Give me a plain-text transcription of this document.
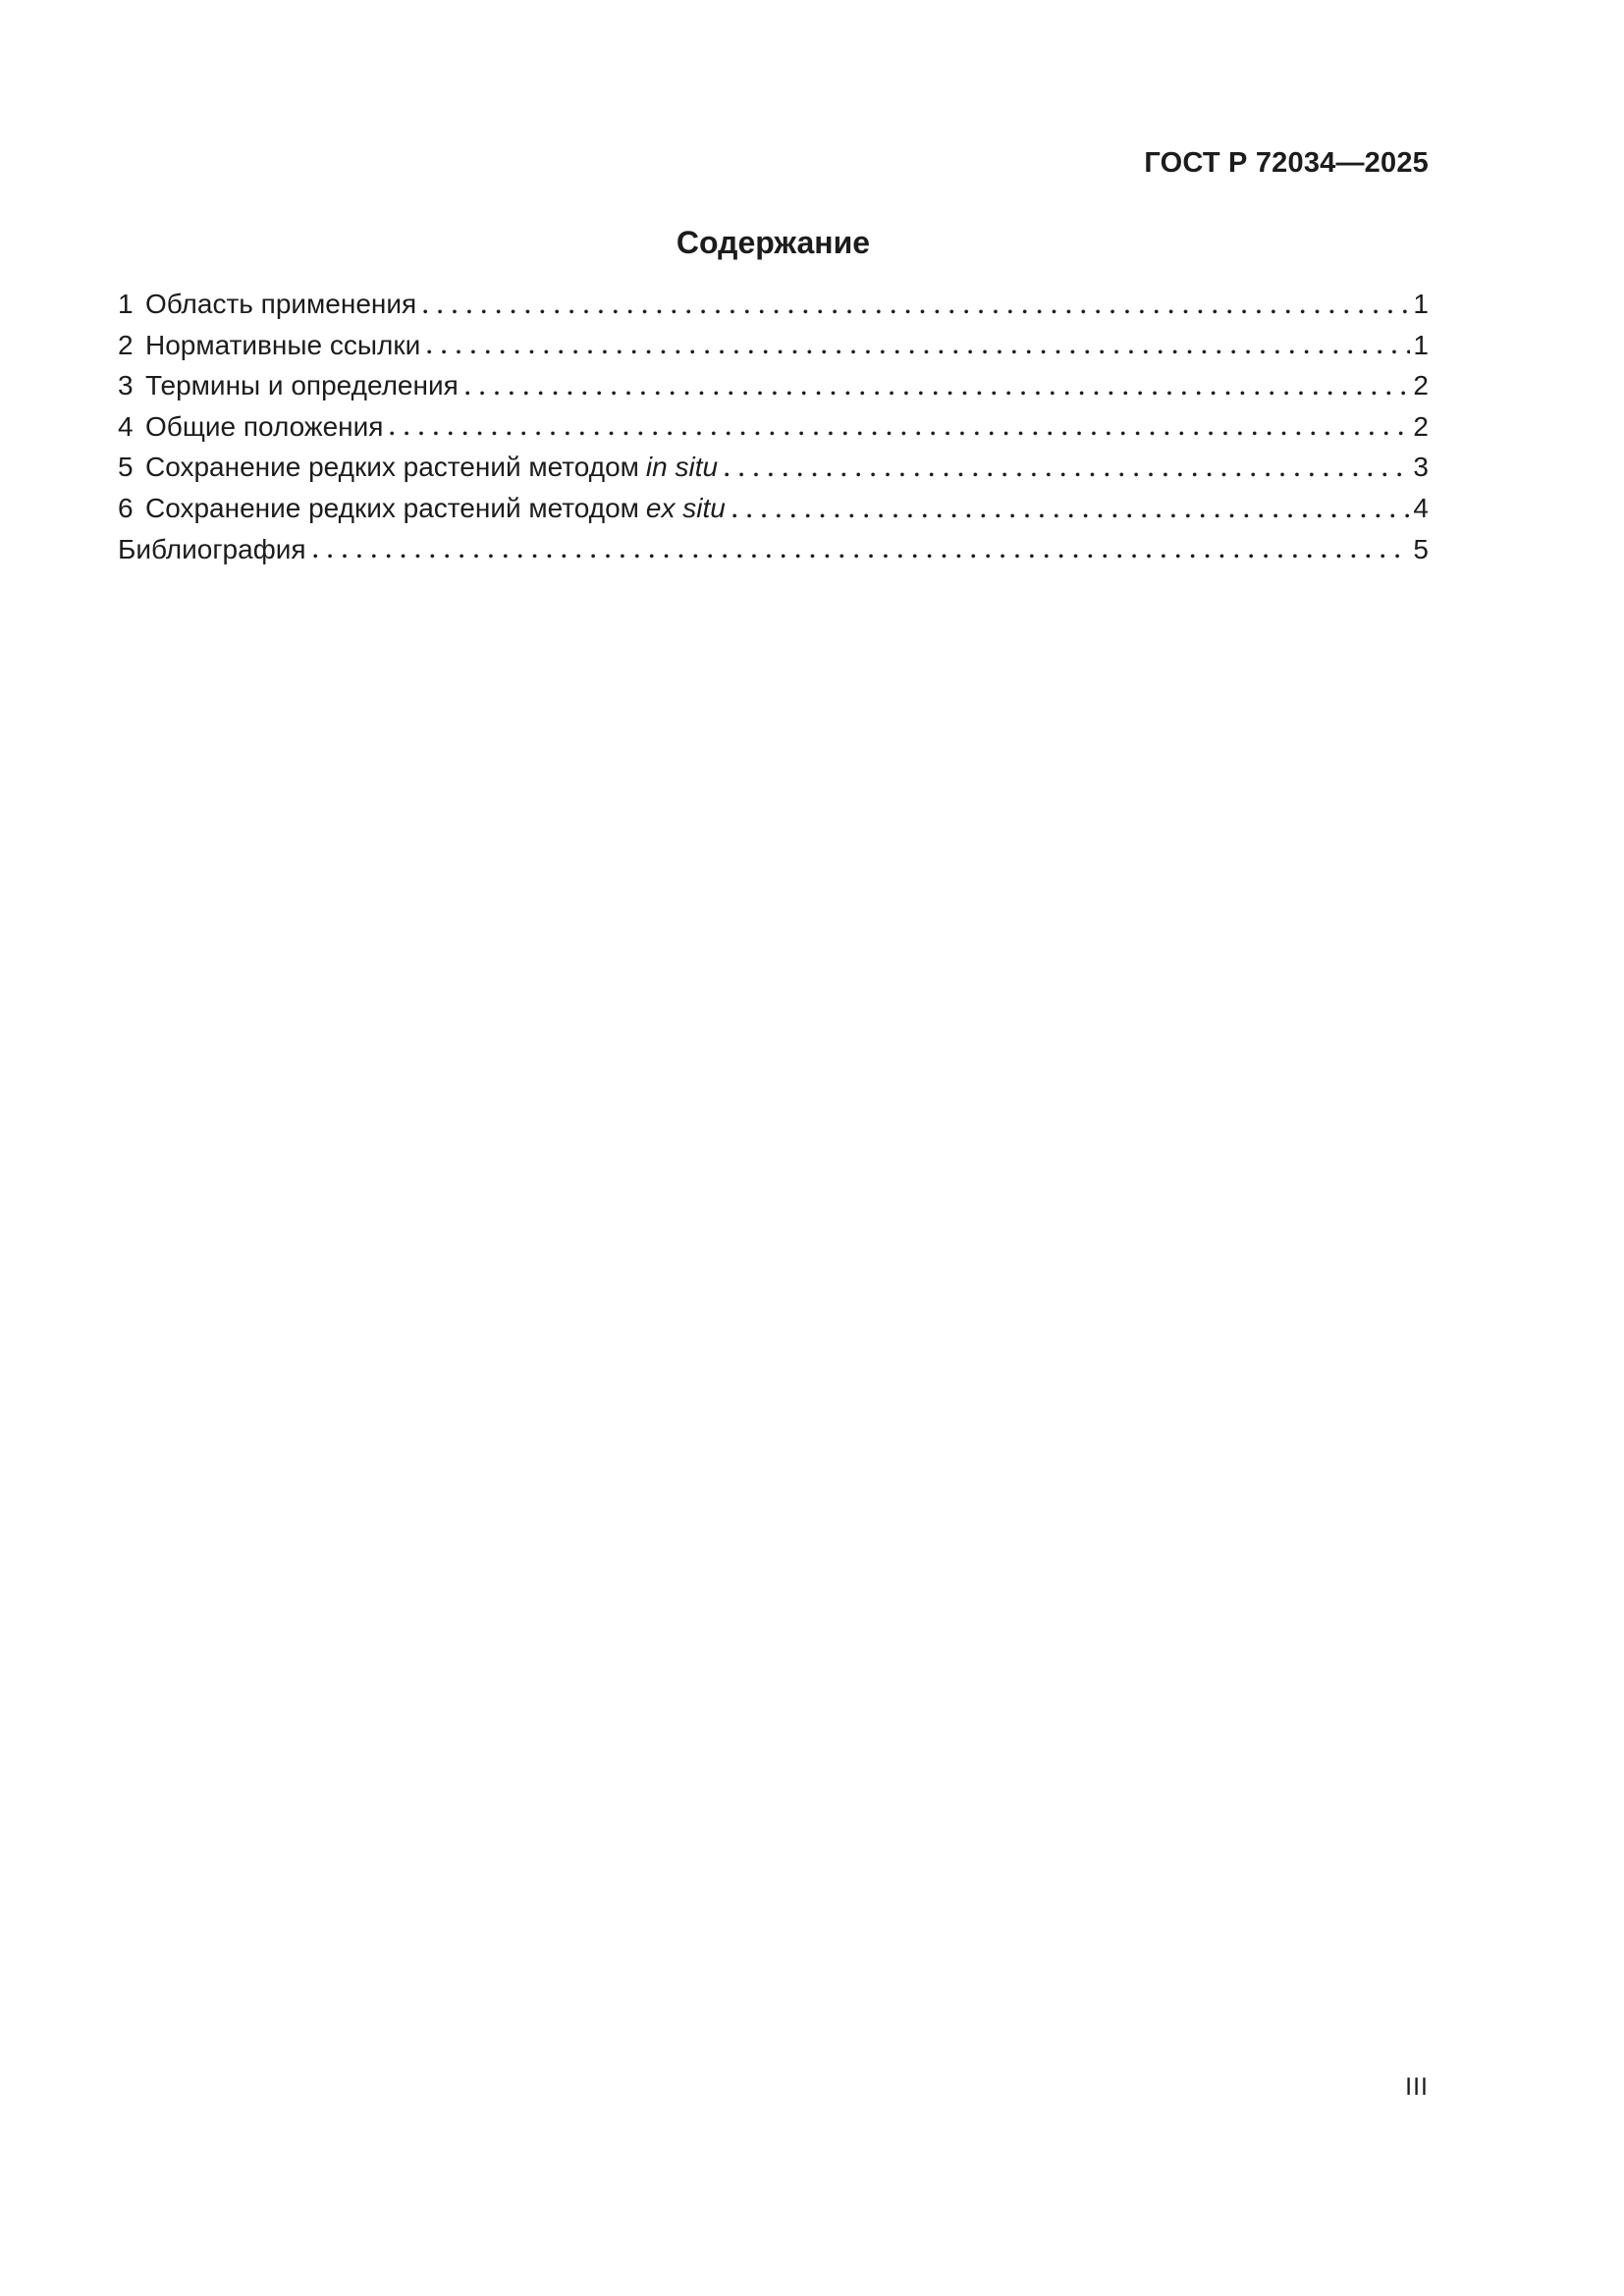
ГОСТ Р 72034—2025
Содержание
1 Область применения	1
2 Нормативные ссылки	1
3 Термины и определения	2
4 Общие положения	2
5 Сохранение редких растений методом in situ	3
6 Сохранение редких растений методом ex situ	4
Библиография	5
III
